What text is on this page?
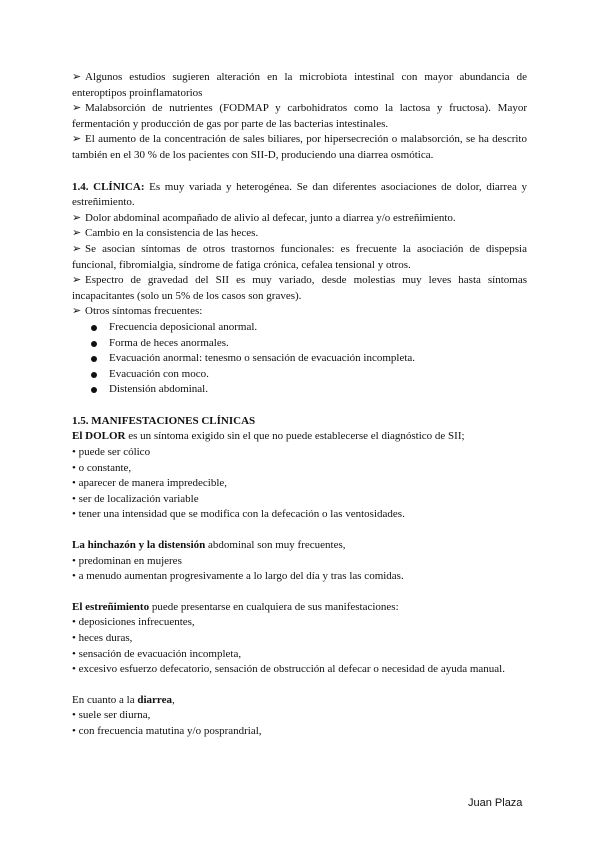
➢ Algunos estudios sugieren alteración en la microbiota intestinal con mayor abundancia de enteroptipos proinflamatorios

➢ Malabsorción de nutrientes (FODMAP y carbohidratos como la lactosa y fructosa). Mayor fermentación y producción de gas por parte de las bacterias intestinales.

➢ El aumento de la concentración de sales biliares, por hipersecreción o malabsorción, se ha descrito también en el 30 % de los pacientes con SII-D, produciendo una diarrea osmótica.

1.4. CLÍNICA: Es muy variada y heterogénea. Se dan diferentes asociaciones de dolor, diarrea y estreñimiento.

➢ Dolor abdominal acompañado de alivio al defecar, junto a diarrea y/o estreñimiento.

➢ Cambio en la consistencia de las heces.

➢ Se asocian síntomas de otros trastornos funcionales: es frecuente la asociación de dispepsia funcional, fibromialgia, síndrome de fatiga crónica, cefalea tensional y otros.

➢ Espectro de gravedad del SII es muy variado, desde molestias muy leves hasta síntomas incapacitantes (solo un 5% de los casos son graves).

➢ Otros síntomas frecuentes:

Frecuencia deposicional anormal.
Forma de heces anormales.
Evacuación anormal: tenesmo o sensación de evacuación incompleta.
Evacuación con moco.
Distensión abdominal.

1.5. MANIFESTACIONES CLÍNICAS

El DOLOR es un síntoma exigido sin el que no puede establecerse el diagnóstico de SII;

• puede ser cólico

• o constante,

• aparecer de manera impredecible,

• ser de localización variable

• tener una intensidad que se modifica con la defecación o las ventosidades.

La hinchazón y la distensión abdominal son muy frecuentes,

• predominan en mujeres

• a menudo aumentan progresivamente a lo largo del día y tras las comidas.

El estreñimiento puede presentarse en cualquiera de sus manifestaciones:

• deposiciones infrecuentes,

• heces duras,

• sensación de evacuación incompleta,

• excesivo esfuerzo defecatorio, sensación de obstrucción al defecar o necesidad de ayuda manual.

En cuanto a la diarrea,

• suele ser diurna,

• con frecuencia matutina y/o posprandrial,

Juan Plaza
